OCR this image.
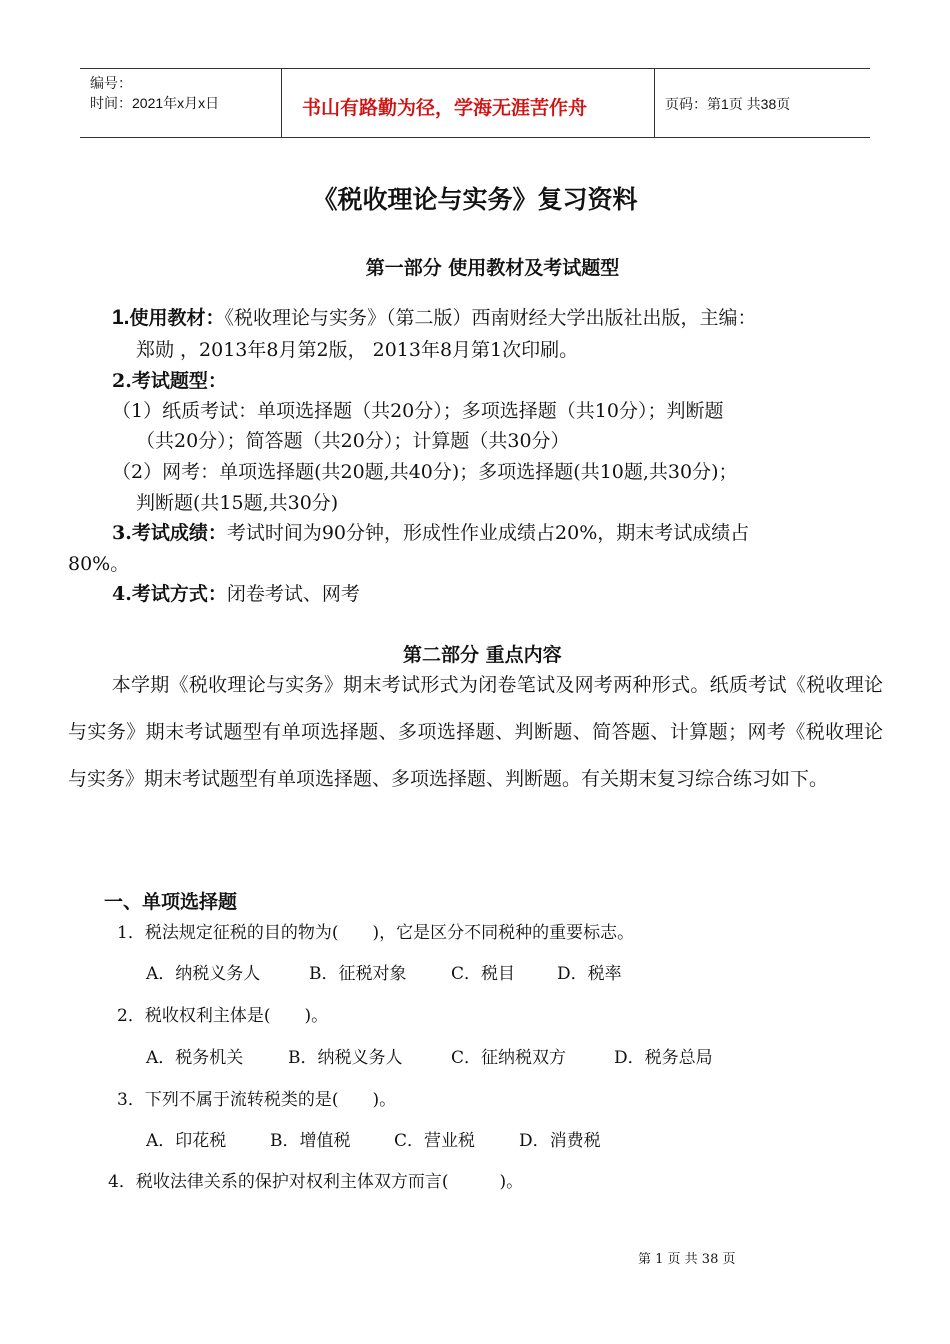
编号：
时间：2021年x月x日	书山有路勤为径，学海无涯苦作舟	页码：第1页 共38页
《税收理论与实务》复习资料
第一部分 使用教材及考试题型
1.使用教材：《税收理论与实务》（第二版）西南财经大学出版社出版，主编：
郑勋 ，2013年8月第2版， 2013年8月第1次印刷。
2.考试题型：
（1）纸质考试：单项选择题（共20分）；多项选择题（共10分）；判断题
（共20分）；简答题（共20分）；计算题（共30分）
（2）网考：单项选择题(共20题,共40分)；多项选择题(共10题,共30分)；
判断题(共15题,共30分)
3.考试成绩：考试时间为90分钟，形成性作业成绩占20%，期末考试成绩占
80%。
4.考试方式：闭卷考试、网考
第二部分 重点内容
本学期《税收理论与实务》期末考试形式为闭卷笔试及网考两种形式。纸质考试《税收理论与实务》期末考试题型有单项选择题、多项选择题、判断题、简答题、计算题；网考《税收理论与实务》期末考试题型有单项选择题、多项选择题、判断题。有关期末复习综合练习如下。
一、单项选择题
1．税法规定征税的目的物为(　　)，它是区分不同税种的重要标志。
A．纳税义务人	B．征税对象	C．税目 D．税率
2．税收权利主体是(　　)。
A．税务机关	B．纳税义务人	C．征纳税双方	D．税务总局
3．下列不属于流转税类的是(　　)。
A．印花税	B．增值税	C．营业税	D．消费税
4．税收法律关系的保护对权利主体双方而言(　　　)。
第 1 页 共 38 页
